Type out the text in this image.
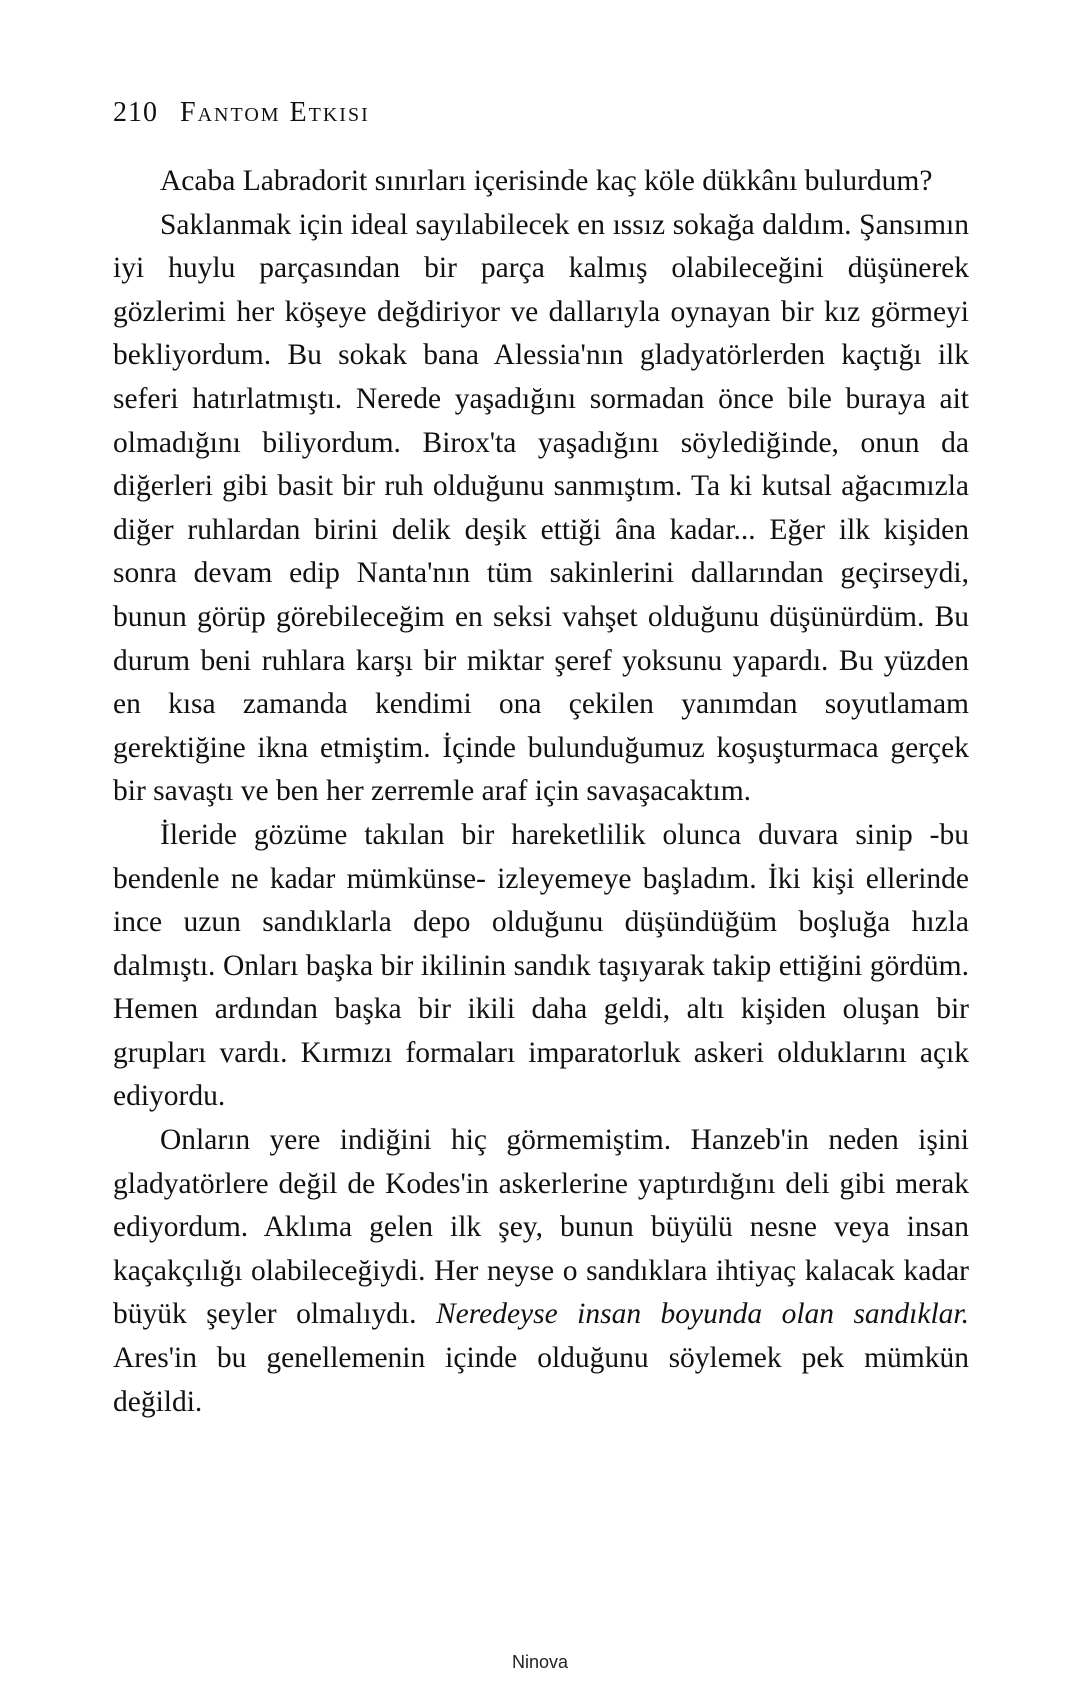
210 Fantom Etkisi

Acaba Labradorit sınırları içerisinde kaç köle dükkânı bulurdum?

Saklanmak için ideal sayılabilecek en ıssız sokağa daldım. Şansımın iyi huylu parçasından bir parça kalmış olabileceğini düşünerek gözlerimi her köşeye değdiriyor ve dallarıyla oynayan bir kız görmeyi bekliyordum. Bu sokak bana Alessia'nın gladyatörlerden kaçtığı ilk seferi hatırlatmıştı. Nerede yaşadığını sormadan önce bile buraya ait olmadığını biliyordum. Birox'ta yaşadığını söylediğinde, onun da diğerleri gibi basit bir ruh olduğunu sanmıştım. Ta ki kutsal ağacımızla diğer ruhlardan birini delik deşik ettiği âna kadar... Eğer ilk kişiden sonra devam edip Nanta'nın tüm sakinlerini dallarından geçirseydi, bunun görüp görebileceğim en seksi vahşet olduğunu düşünürdüm. Bu durum beni ruhlara karşı bir miktar şeref yoksunu yapardı. Bu yüzden en kısa zamanda kendimi ona çekilen yanımdan soyutlamam gerektiğine ikna etmiştim. İçinde bulunduğumuz koşuşturmaca gerçek bir savaştı ve ben her zerremle araf için savaşacaktım.

İleride gözüme takılan bir hareketlilik olunca duvara sinip -bu bendenle ne kadar mümkünse- izleyemeye başladım. İki kişi ellerinde ince uzun sandıklarla depo olduğunu düşündüğüm boşluğa hızla dalmıştı. Onları başka bir ikilinin sandık taşıyarak takip ettiğini gördüm. Hemen ardından başka bir ikili daha geldi, altı kişiden oluşan bir grupları vardı. Kırmızı formaları imparatorluk askeri olduklarını açık ediyordu.

Onların yere indiğini hiç görmemiştim. Hanzeb'in neden işini gladyatörlere değil de Kodes'in askerlerine yaptırdığını deli gibi merak ediyordum. Aklıma gelen ilk şey, bunun büyülü nesne veya insan kaçakçılığı olabileceğiydi. Her neyse o sandıklara ihtiyaç kalacak kadar büyük şeyler olmalıydı. Neredeyse insan boyunda olan sandıklar. Ares'in bu genellemenin içinde olduğunu söylemek pek mümkün değildi.

Ninova
